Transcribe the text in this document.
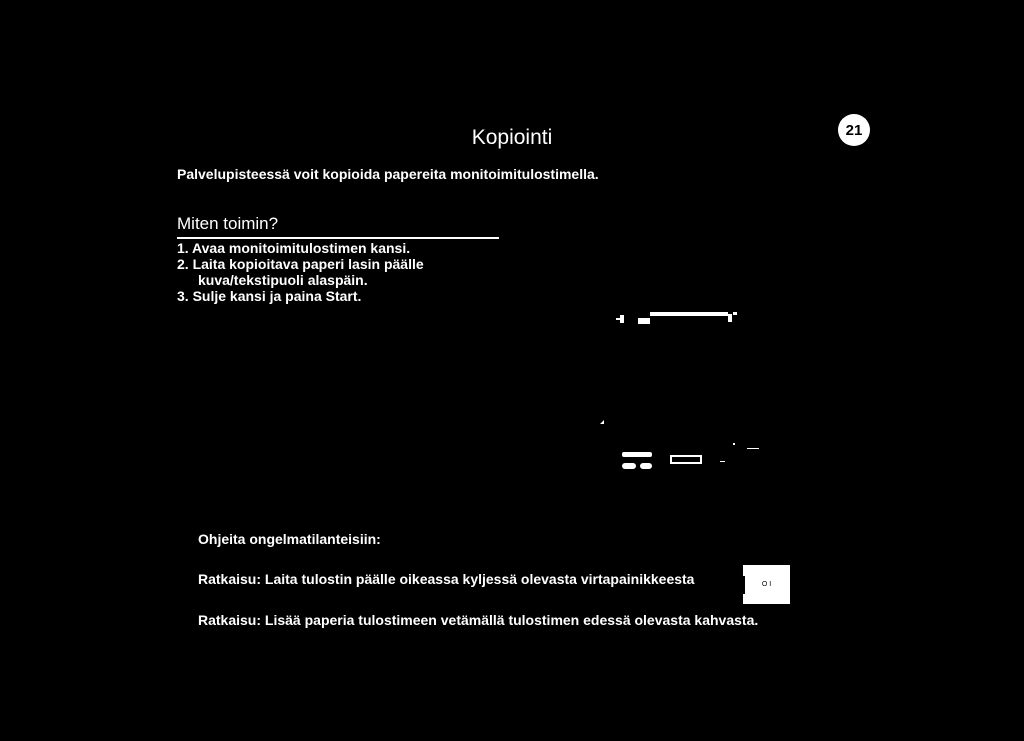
Kopiointi	21
Palvelupisteessä voit kopioida papereita monitoimitulostimella.
Miten toimin?
1. Avaa monitoimitulostimen kansi.
2. Laita kopioitava paperi lasin päälle
kuva/tekstipuoli alaspäin.
3. Sulje kansi ja paina Start.
Ohjeita ongelmatilanteisiin:
Ratkaisu: Laita tulostin päälle oikeassa kyljessä olevasta virtapainikkeesta	O I
Ratkaisu: Lisää paperia tulostimeen vetämällä tulostimen edessä olevasta kahvasta.
